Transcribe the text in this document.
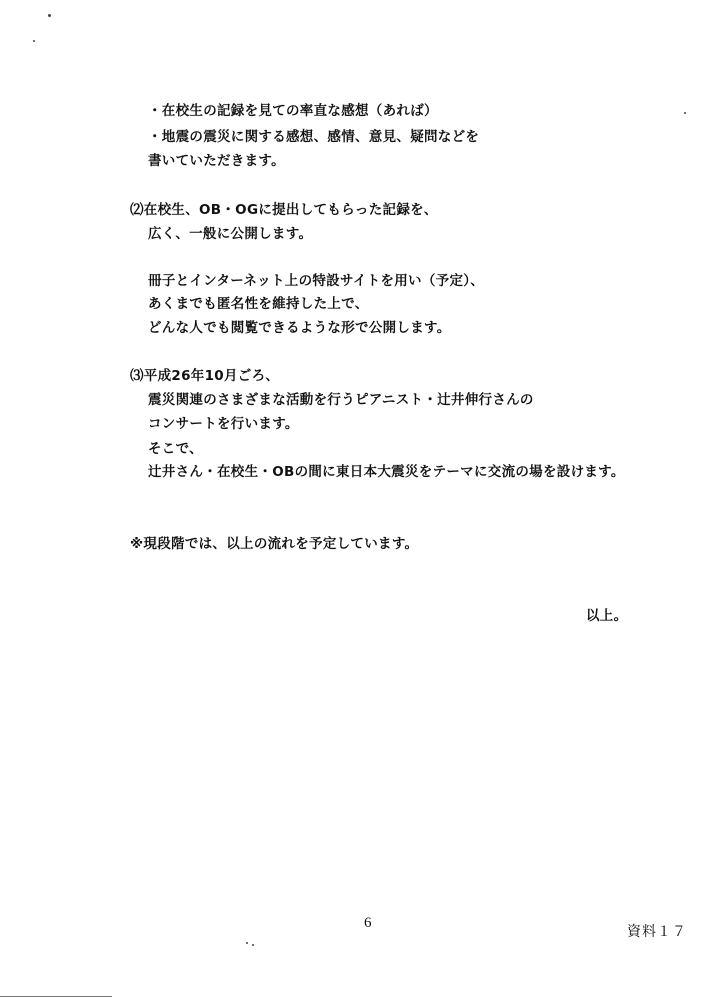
・在校生の記録を見ての率直な感想（あれば）
・地震の震災に関する感想、感情、意見、疑問などを
書いていただきます。
⑵在校生、OB・OGに提出してもらった記録を、
広く、一般に公開します。
冊子とインターネット上の特設サイトを用い（予定）、
あくまでも匿名性を維持した上で、
どんな人でも閲覧できるような形で公開します。
⑶平成26年10月ごろ、
震災関連のさまざまな活動を行うピアニスト・辻井伸行さんの
コンサートを行います。
そこで、
辻井さん・在校生・OBの間に東日本大震災をテーマに交流の場を設けます。
※現段階では、以上の流れを予定しています。
以上。
6
資料１７
